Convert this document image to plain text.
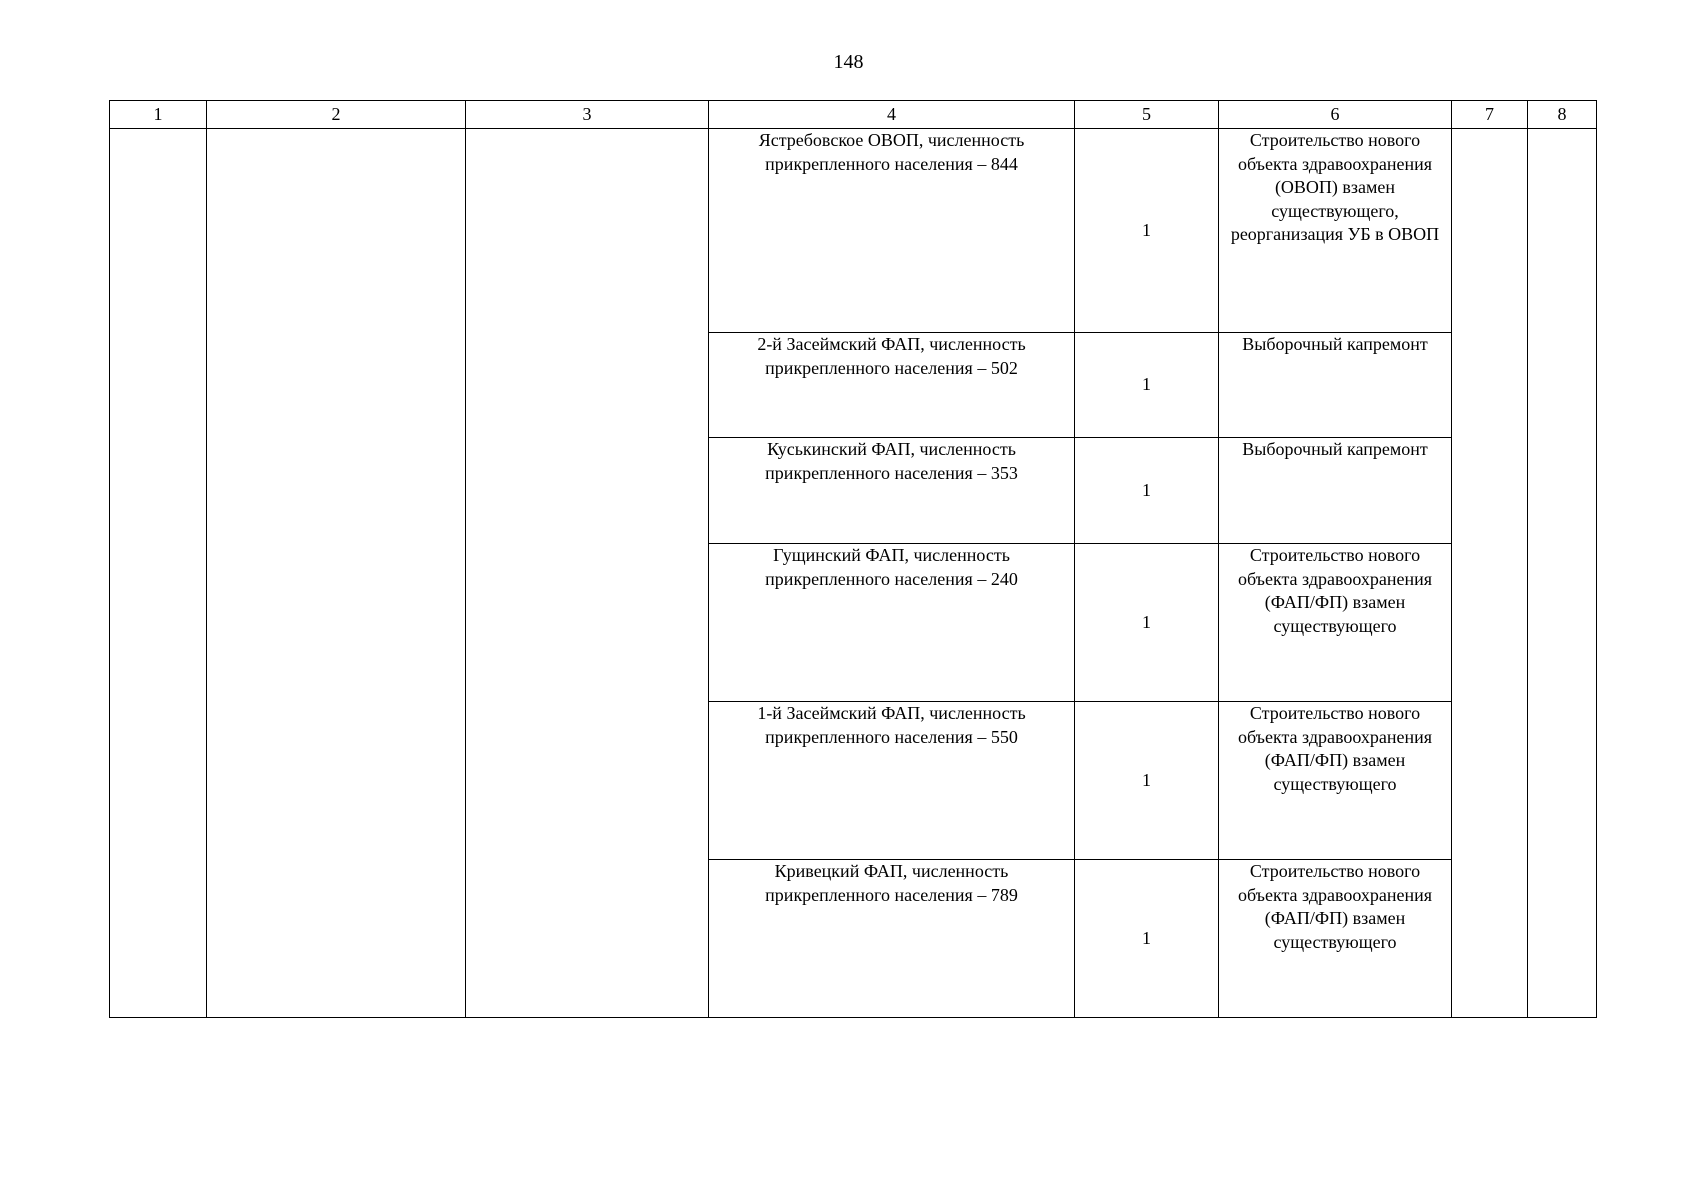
148
1	2	3	4	5	6	7	8
			Ястребовское ОВОП, численность прикрепленного населения – 844	1	Строительство нового объекта здравоохранения (ОВОП) взамен существующего, реорганизация УБ в ОВОП		
			2-й Засеймский ФАП, численность прикрепленного населения – 502	1	Выборочный капремонт		
			Куськинский ФАП, численность прикрепленного населения – 353	1	Выборочный капремонт		
			Гущинский ФАП, численность прикрепленного населения – 240	1	Строительство нового объекта здравоохранения (ФАП/ФП) взамен существующего		
			1-й Засеймский ФАП, численность прикрепленного населения – 550	1	Строительство нового объекта здравоохранения (ФАП/ФП) взамен существующего		
			Кривецкий ФАП, численность прикрепленного населения – 789	1	Строительство нового объекта здравоохранения (ФАП/ФП) взамен существующего		
